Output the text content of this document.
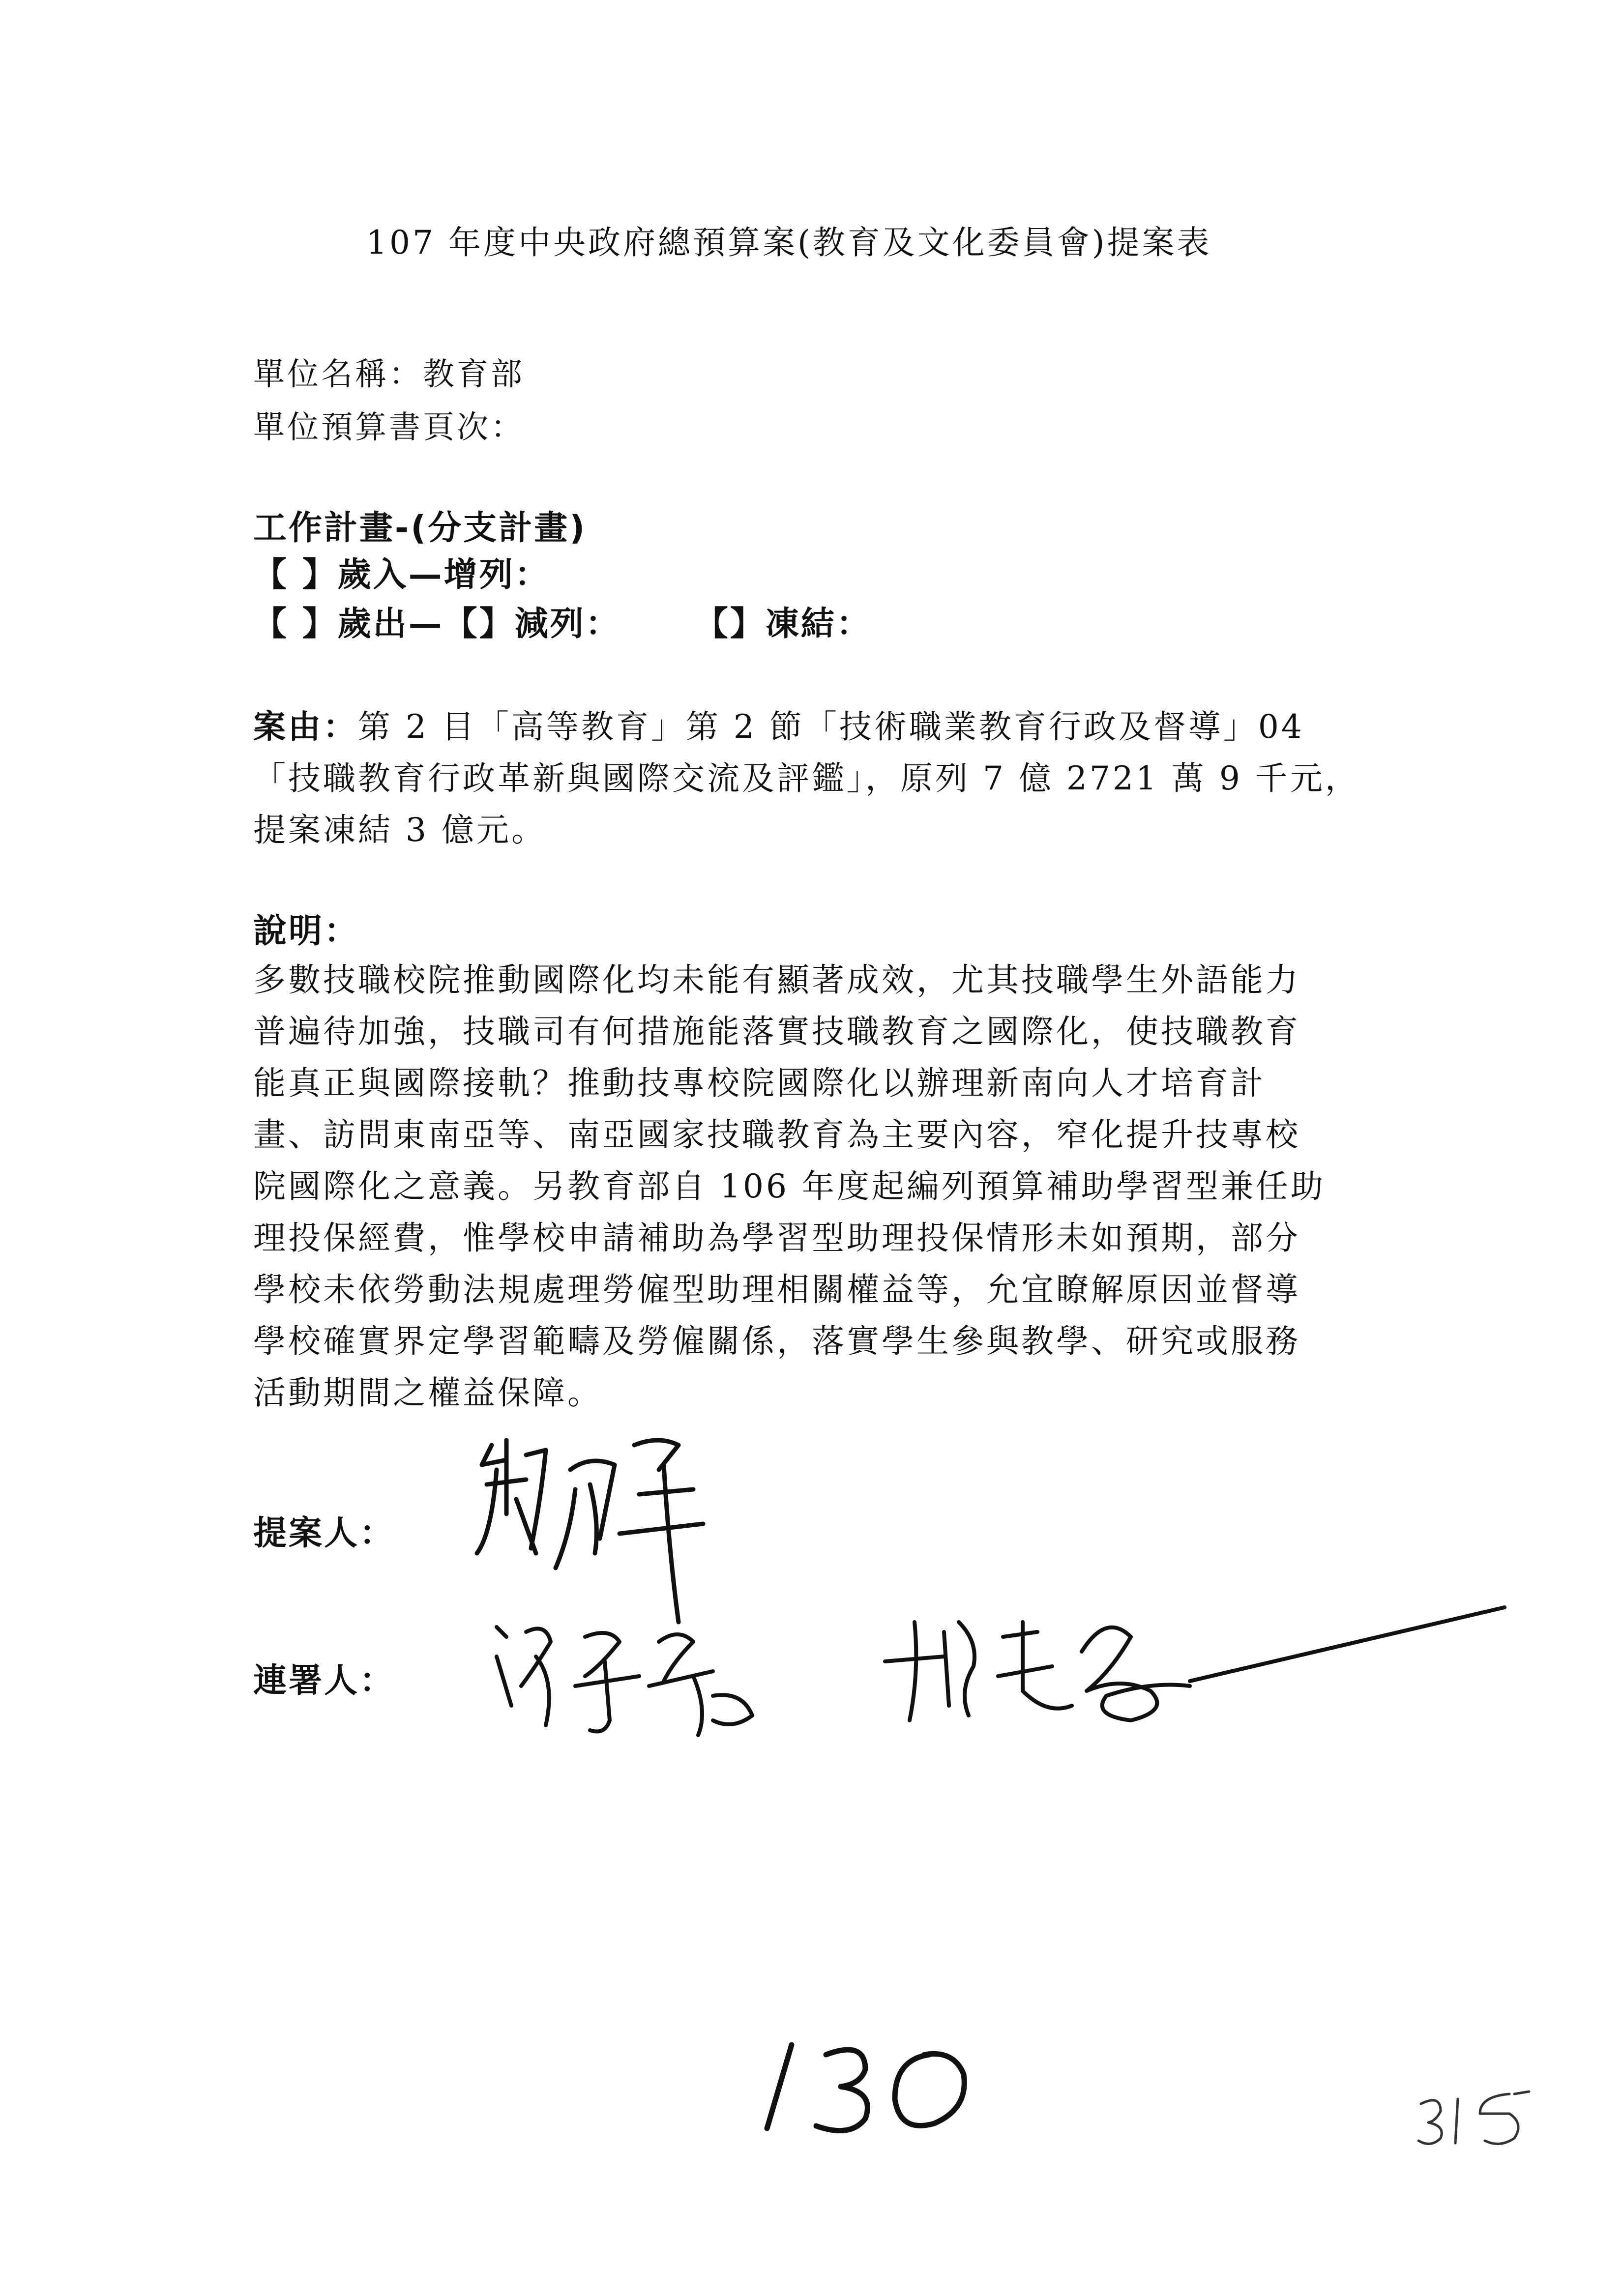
107 年度中央政府總預算案(教育及文化委員會)提案表
單位名稱：教育部
單位預算書頁次：
工作計畫-(分支計畫)
【 】歲入—增列：
【 】歲出—【】減列： 【】凍結：
案由：第 2 目「高等教育」第 2 節「技術職業教育行政及督導」04
「技職教育行政革新與國際交流及評鑑」，原列 7 億 2721 萬 9 千元，
提案凍結 3 億元。
說明：
多數技職校院推動國際化均未能有顯著成效，尤其技職學生外語能力
普遍待加強，技職司有何措施能落實技職教育之國際化，使技職教育
能真正與國際接軌？推動技專校院國際化以辦理新南向人才培育計
畫、訪問東南亞等、南亞國家技職教育為主要內容，窄化提升技專校
院國際化之意義。另教育部自 106 年度起編列預算補助學習型兼任助
理投保經費，惟學校申請補助為學習型助理投保情形未如預期，部分
學校未依勞動法規處理勞僱型助理相關權益等，允宜瞭解原因並督導
學校確實界定學習範疇及勞僱關係，落實學生參與教學、研究或服務
活動期間之權益保障。
提案人：
連署人：
